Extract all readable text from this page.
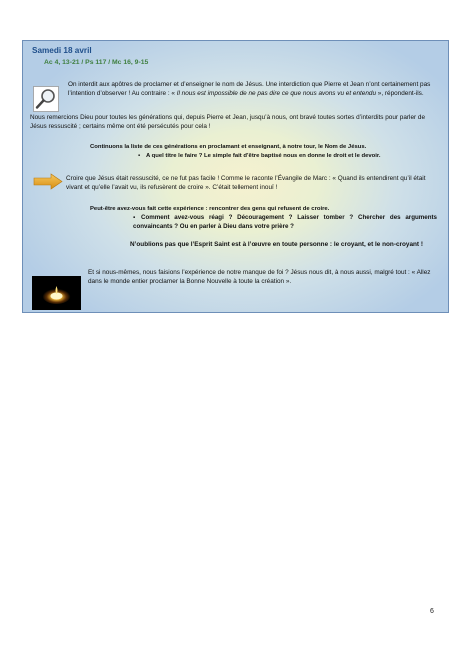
Samedi 18 avril
Ac 4, 13-21 / Ps 117 / Mc 16, 9-15

On interdit aux apôtres de proclamer et d’enseigner le nom de Jésus. Une interdiction que Pierre et Jean n’ont certainement pas l’intention d’observer ! Au contraire : « Il nous est impossible de ne pas dire ce que nous avons vu et entendu », répondent-ils.

Nous remercions Dieu pour toutes les générations qui, depuis Pierre et Jean, jusqu’à nous, ont bravé toutes sortes d’interdits pour parler de Jésus ressuscité ; certains même ont été persécutés pour cela !

Continuons la liste de ces générations en proclamant et enseignant, à notre tour, le Nom de Jésus.

▪ A quel titre le faire ? Le simple fait d’être baptisé nous en donne le droit et le devoir.

Croire que Jésus était ressuscité, ce ne fut pas facile ! Comme le raconte l’Évangile de Marc : « Quand ils entendirent qu’il était vivant et qu’elle l’avait vu, ils refusèrent de croire ». C’était tellement inouï !

Peut-être avez-vous fait cette expérience : rencontrer des gens qui refusent de croire.

▪ Comment avez-vous réagi ? Découragement ? Laisser tomber ? Chercher des arguments convaincants ? Ou en parler à Dieu dans votre prière ?

N’oublions pas que l’Esprit Saint est à l’œuvre en toute personne : le croyant, et le non-croyant !

Et si nous-mêmes, nous faisions l’expérience de notre manque de foi ? Jésus nous dit, à nous aussi, malgré tout : « Allez dans le monde entier proclamer la Bonne Nouvelle à toute la création ».

6
